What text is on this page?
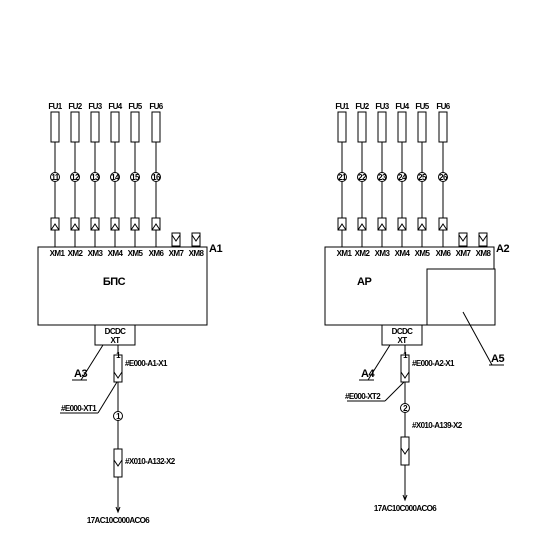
FU1
11
FU2
12
FU3
13
FU4
14
FU5
15
FU6
16
XM1 XM2 XM3 XM4 XM5 XM6 XM7 XM8 A1
БПС
DCDC
XT
A3
1
#E000-A1-X1
#E000-XT1
1
#X010-A132-X2
17AC10C000ACO6
FU1
21
FU2
22
FU3
23
FU4
24
FU5
25
FU6
26
XM1 XM2 XM3 XM4 XM5 XM6 XM7 XM8 A2
AP
A5
DCDC
XT
A4
1
#E000-A2-X1
#E000-XT2
2
#X010-A139-X2
17AC10C000ACO6
